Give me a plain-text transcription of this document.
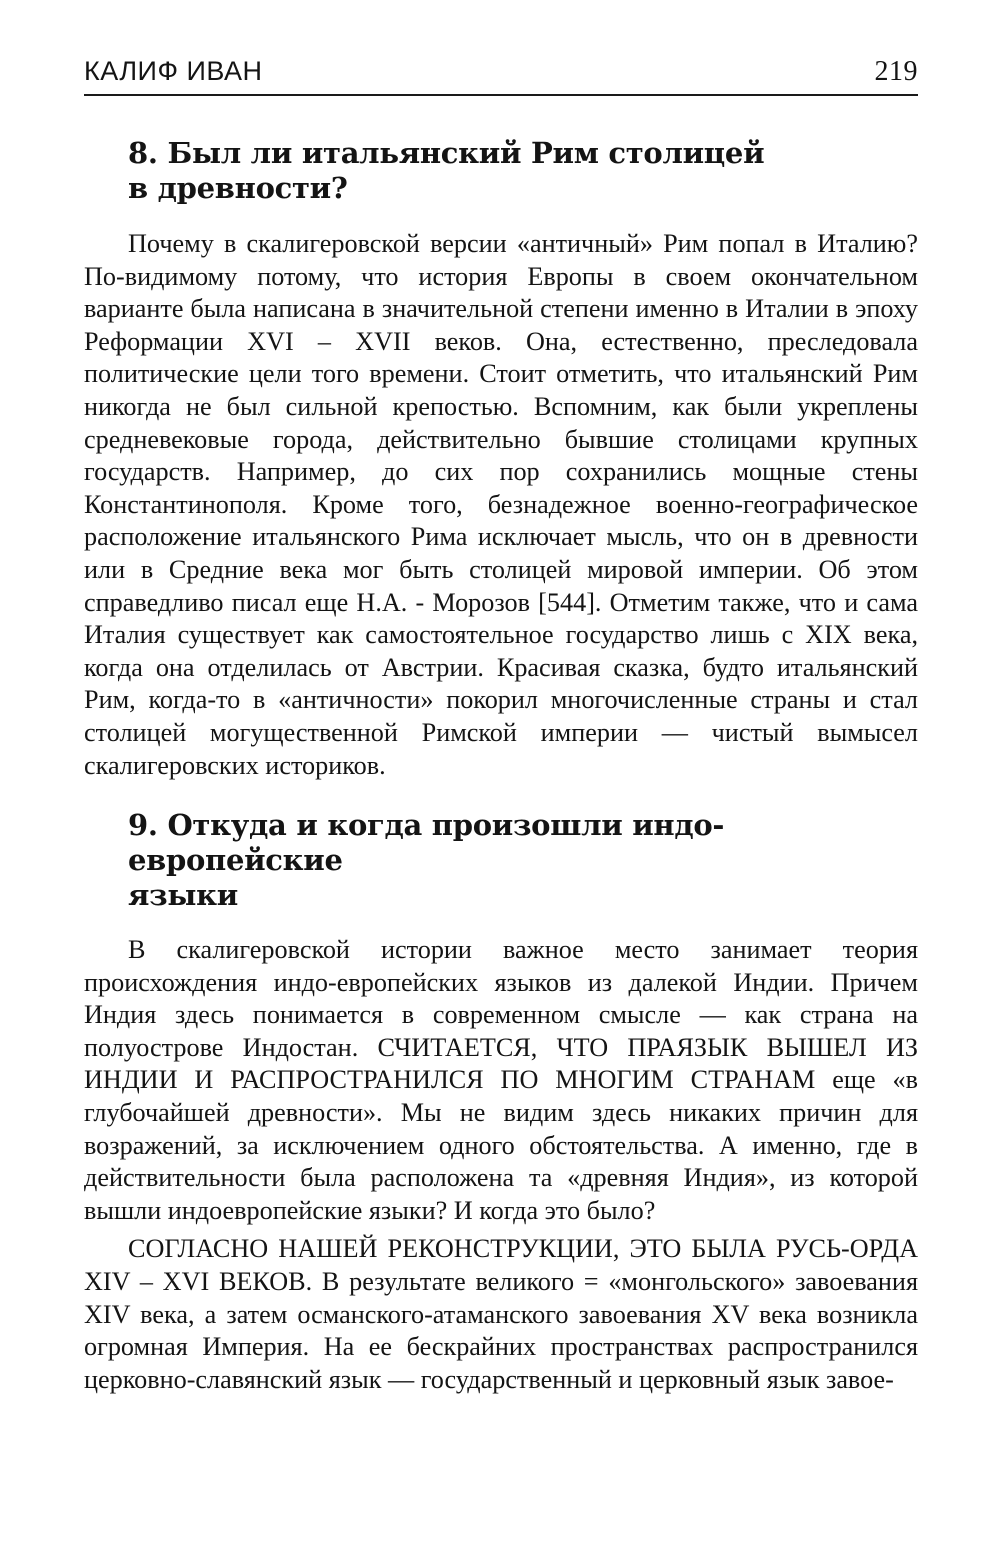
КАЛИФ ИВАН	219
8. Был ли итальянский Рим столицей
в древности?

Почему в скалигеровской версии «античный» Рим попал в Италию? По-видимому потому, что история Европы в своем окончательном варианте была написана в значительной степени именно в Италии в эпоху Реформации XVI – XVII веков. Она, естественно, преследовала политические цели того времени. Стоит отметить, что итальянский Рим никогда не был сильной крепостью. Вспомним, как были укреплены средневековые города, действительно бывшие столицами крупных государств. Например, до сих пор сохранились мощные стены Константинополя. Кроме того, безнадежное военно-географическое расположение итальянского Рима исключает мысль, что он в древности или в Средние века мог быть столицей мировой империи. Об этом справедливо писал еще Н.А. - Морозов [544]. Отметим также, что и сама Италия существует как самостоятельное государство лишь с XIX века, когда она отделилась от Австрии. Красивая сказка, будто итальянский Рим, когда-то в «античности» покорил многочисленные страны и стал столицей могущественной Римской империи — чистый вымысел скалигеровских историков.

9. Откуда и когда произошли индо-европейские
языки

В скалигеровской истории важное место занимает теория происхождения индо-европейских языков из далекой Индии. Причем Индия здесь понимается в современном смысле — как страна на полуострове Индостан. СЧИТАЕТСЯ, ЧТО ПРАЯЗЫК ВЫШЕЛ ИЗ ИНДИИ И РАСПРОСТРАНИЛСЯ ПО МНОГИМ СТРАНАМ еще «в глубочайшей древности». Мы не видим здесь никаких причин для возражений, за исключением одного обстоятельства. А именно, где в действительности была расположена та «древняя Индия», из которой вышли индоевропейские языки? И когда это было?

СОГЛАСНО НАШЕЙ РЕКОНСТРУКЦИИ, ЭТО БЫЛА РУСЬ-ОРДА XIV – XVI ВЕКОВ. В результате великого = «монгольского» завоевания XIV века, а затем османского-атаманского завоевания XV века возникла огромная Империя. На ее бескрайних пространствах распространился церковно-славянский язык — государственный и церковный язык завое-
